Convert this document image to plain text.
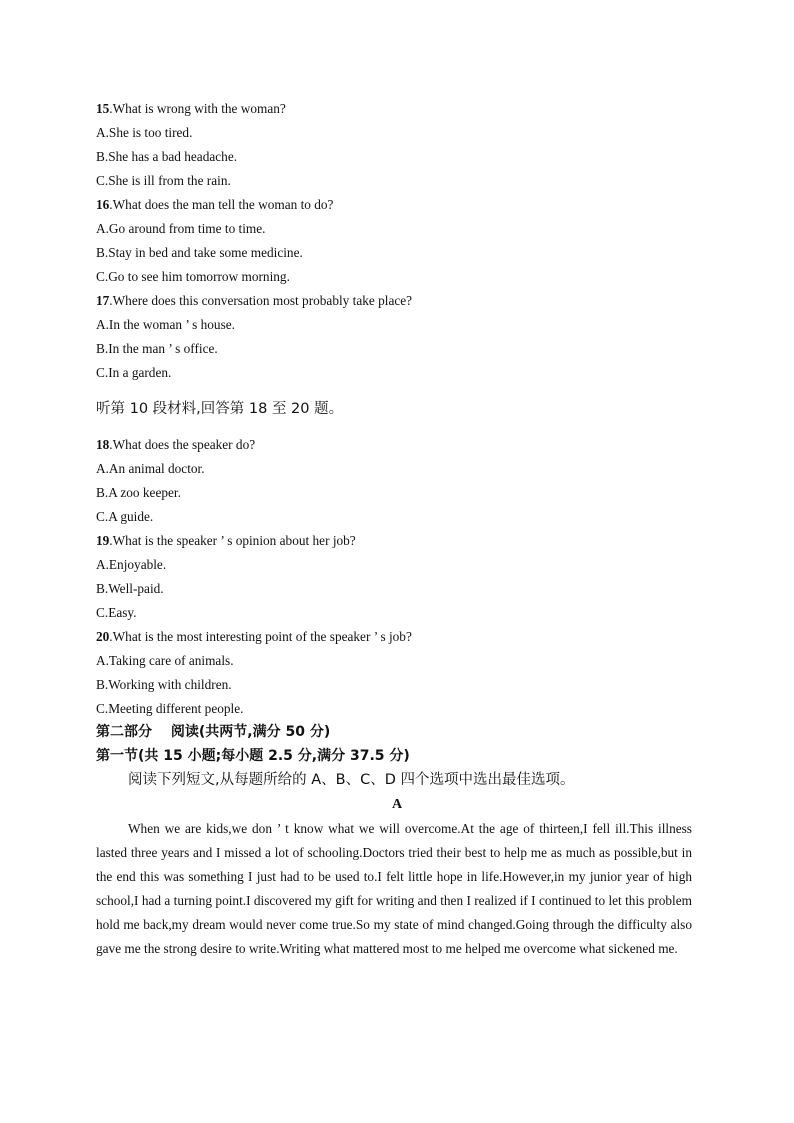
15.What is wrong with the woman?
A.She is too tired.
B.She has a bad headache.
C.She is ill from the rain.
16.What does the man tell the woman to do?
A.Go around from time to time.
B.Stay in bed and take some medicine.
C.Go to see him tomorrow morning.
17.Where does this conversation most probably take place?
A.In the woman ’ s house.
B.In the man ’ s office.
C.In a garden.
听第 10 段材料,回答第 18 至 20 题。
18.What does the speaker do?
A.An animal doctor.
B.A zoo keeper.
C.A guide.
19.What is the speaker ’ s opinion about her job?
A.Enjoyable.
B.Well-paid.
C.Easy.
20.What is the most interesting point of the speaker ’ s job?
A.Taking care of animals.
B.Working with children.
C.Meeting different people.
第二部分　 阅读(共两节,满分 50 分)
第一节(共 15 小题;每小题 2.5 分,满分 37.5 分)
阅读下列短文,从每题所给的 A、B、C、D 四个选项中选出最佳选项。
A
When we are kids,we don ’ t know what we will overcome.At the age of thirteen,I fell ill.This illness lasted three years and I missed a lot of schooling.Doctors tried their best to help me as much as possible,but in the end this was something I just had to be used to.I felt little hope in life.However,in my junior year of high school,I had a turning point.I discovered my gift for writing and then I realized if I continued to let this problem hold me back,my dream would never come true.So my state of mind changed.Going through the difficulty also gave me the strong desire to write.Writing what mattered most to me helped me overcome what sickened me.
